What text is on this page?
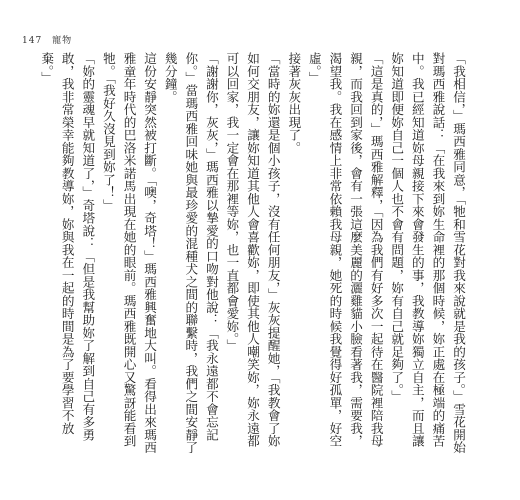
147 寵物

「我相信，」瑪西雅同意，「牠和雪花對我來說就是我的孩子。」雪花開始對瑪西雅說話：「在我來到妳生命裡的那個時候，妳正處在極端的痛苦中。我已經知道妳母親接下來會發生的事，我教導妳獨立自主，而且讓妳知道即便妳自己一個人也不會有問題，妳有自己就足夠了。」

「這是真的，」瑪西雅解釋，「因為我們有好多次一起待在醫院裡陪我母親，而我回到家後，會有一張這麼美麗的灑雞貓小臉看著我，需要我，渴望我。我在感情上非常依賴我母親，她死的時候我覺得好孤單，好空虛。」

接著灰灰出現了。

「當時的妳還是個小孩子，沒有任何朋友，」灰灰提醒她，「我教會了妳如何交朋友，讓妳知道其他人會喜歡妳，即使其他人嘲笑妳，妳永遠都可以回家，我一定會在那裡等妳，也一直都會愛妳。」

「謝謝你，灰灰，」瑪西雅以摯愛的口吻對他說：「我永遠都不會忘記你。」當瑪西雅回味她與最珍愛的混種犬之間的聯繫時，我們之間安靜了幾分鐘。

這份安靜突然被打斷。「噢，奇塔！」瑪西雅興奮地大叫。看得出來瑪西雅童年時代的巴洛米諾馬出現在她的眼前。瑪西雅既開心又驚訝能看到牠。「我好久沒見到妳了！」

「妳的靈魂早就知道了，」奇塔說：「但是我幫助妳了解到自己有多勇敢，我非常榮幸能夠教導妳，妳與我在一起的時間是為了要學習不放棄。」
